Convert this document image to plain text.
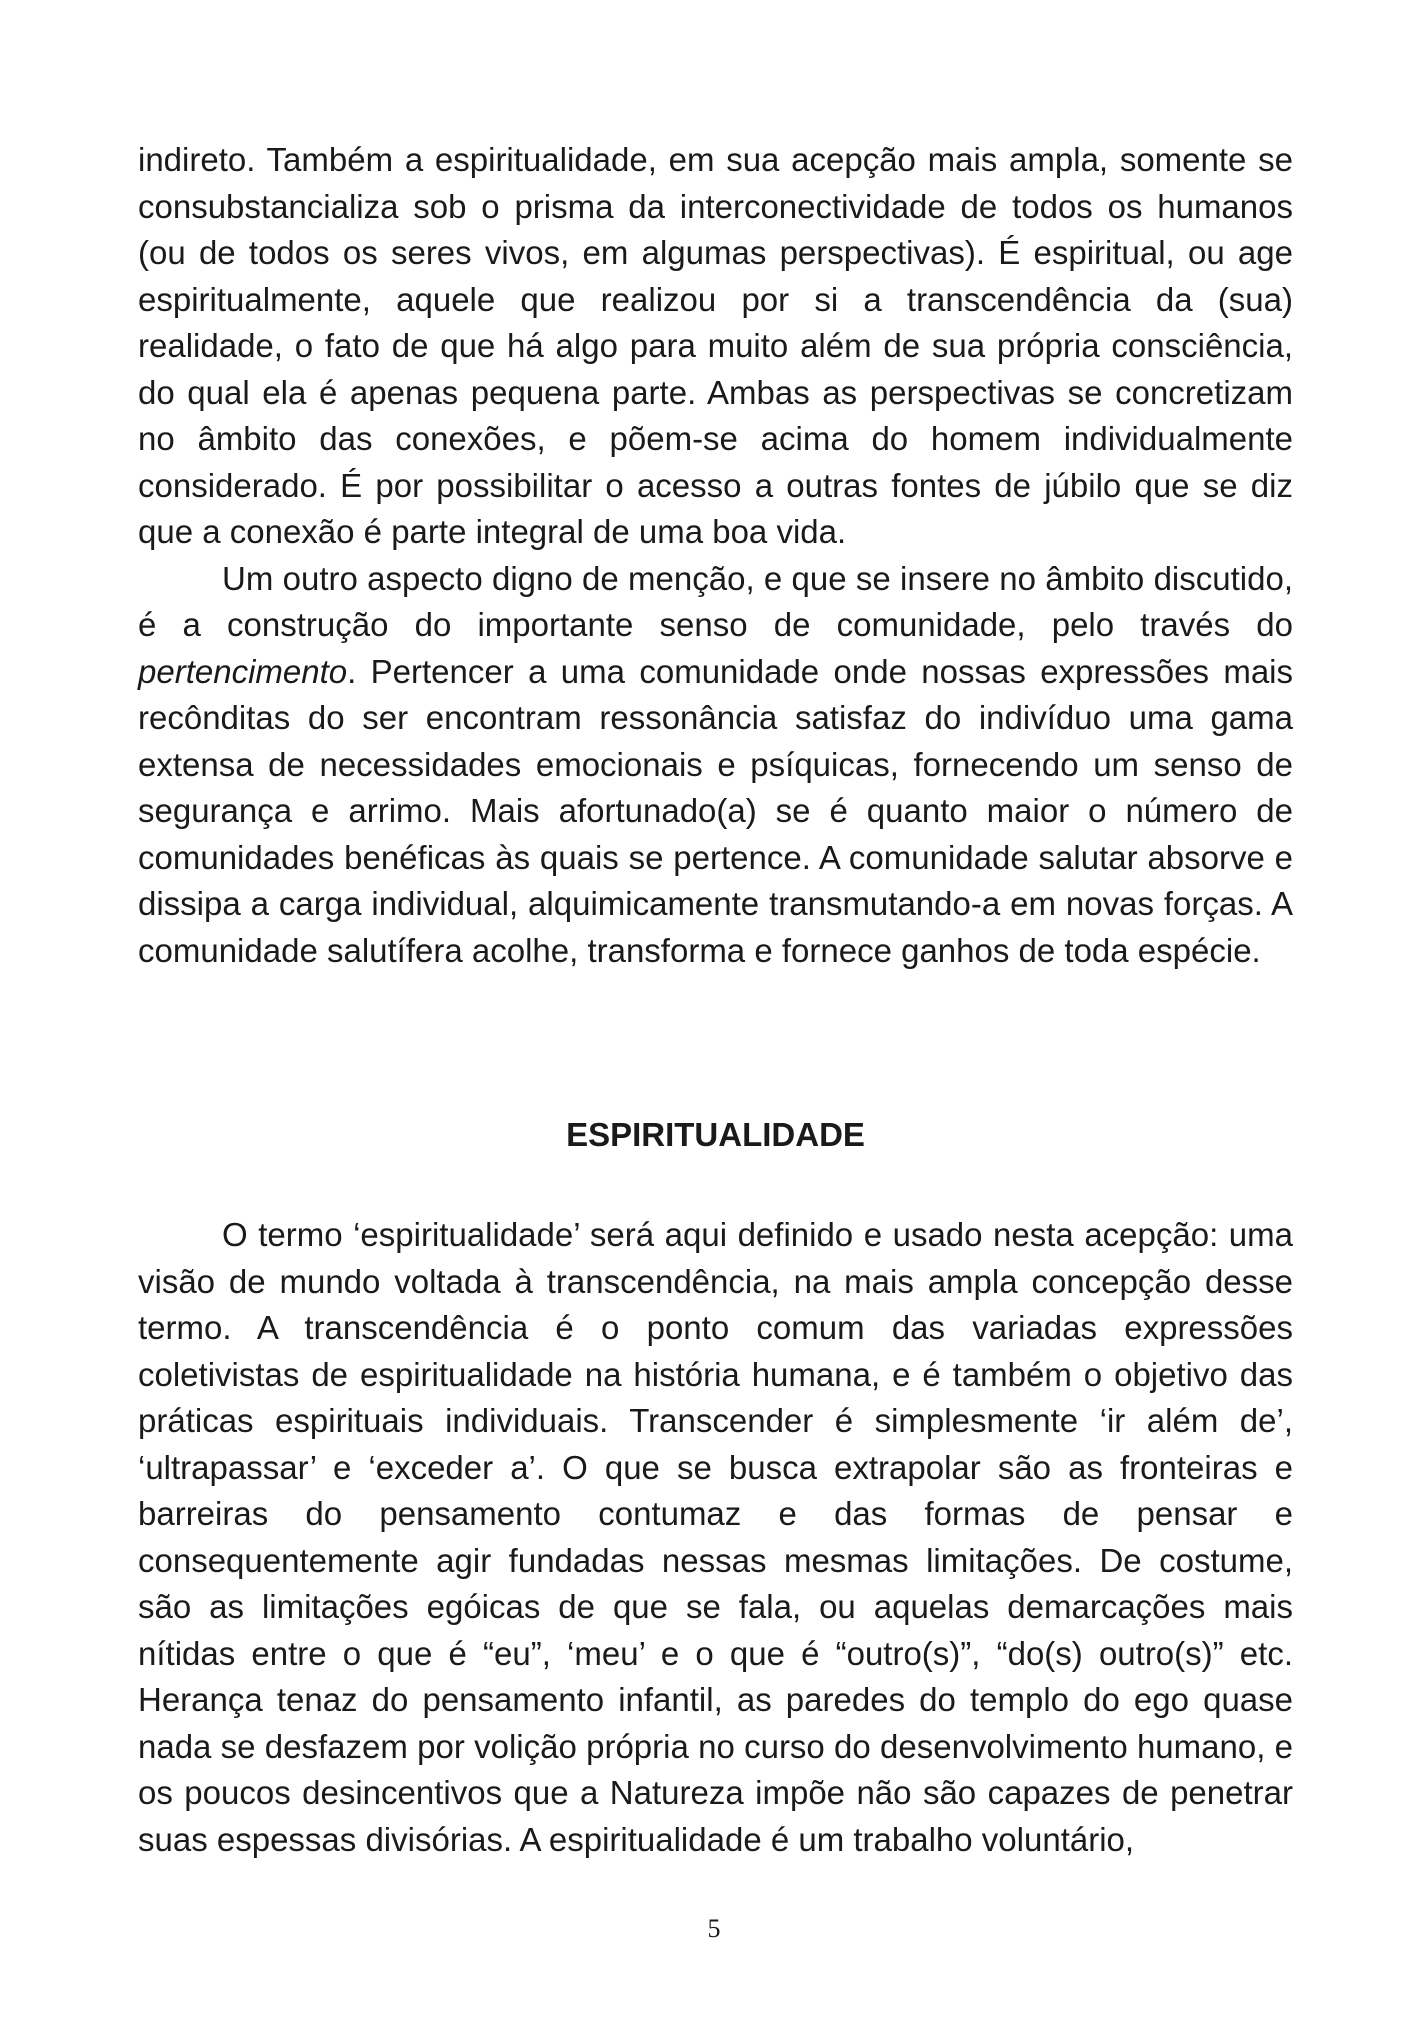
indireto. Também a espiritualidade, em sua acepção mais ampla, somente se consubstancializa sob o prisma da interconectividade de todos os humanos (ou de todos os seres vivos, em algumas perspectivas). É espiritual, ou age espiritualmente, aquele que realizou por si a transcendência da (sua) realidade, o fato de que há algo para muito além de sua própria consciência, do qual ela é apenas pequena parte. Ambas as perspectivas se concretizam no âmbito das conexões, e põem-se acima do homem individualmente considerado. É por possibilitar o acesso a outras fontes de júbilo que se diz que a conexão é parte integral de uma boa vida.

Um outro aspecto digno de menção, e que se insere no âmbito discutido, é a construção do importante senso de comunidade, pelo través do pertencimento. Pertencer a uma comunidade onde nossas expressões mais recônditas do ser encontram ressonância satisfaz do indivíduo uma gama extensa de necessidades emocionais e psíquicas, fornecendo um senso de segurança e arrimo. Mais afortunado(a) se é quanto maior o número de comunidades benéficas às quais se pertence. A comunidade salutar absorve e dissipa a carga individual, alquimicamente transmutando-a em novas forças. A comunidade salutífera acolhe, transforma e fornece ganhos de toda espécie.

ESPIRITUALIDADE

O termo ‘espiritualidade’ será aqui definido e usado nesta acepção: uma visão de mundo voltada à transcendência, na mais ampla concepção desse termo. A transcendência é o ponto comum das variadas expressões coletivistas de espiritualidade na história humana, e é também o objetivo das práticas espirituais individuais. Transcender é simplesmente ‘ir além de’, ‘ultrapassar’ e ‘exceder a’. O que se busca extrapolar são as fronteiras e barreiras do pensamento contumaz e das formas de pensar e consequentemente agir fundadas nessas mesmas limitações. De costume, são as limitações egóicas de que se fala, ou aquelas demarcações mais nítidas entre o que é “eu”, ‘meu’ e o que é “outro(s)”, “do(s) outro(s)” etc. Herança tenaz do pensamento infantil, as paredes do templo do ego quase nada se desfazem por volição própria no curso do desenvolvimento humano, e os poucos desincentivos que a Natureza impõe não são capazes de penetrar suas espessas divisórias. A espiritualidade é um trabalho voluntário,

5
